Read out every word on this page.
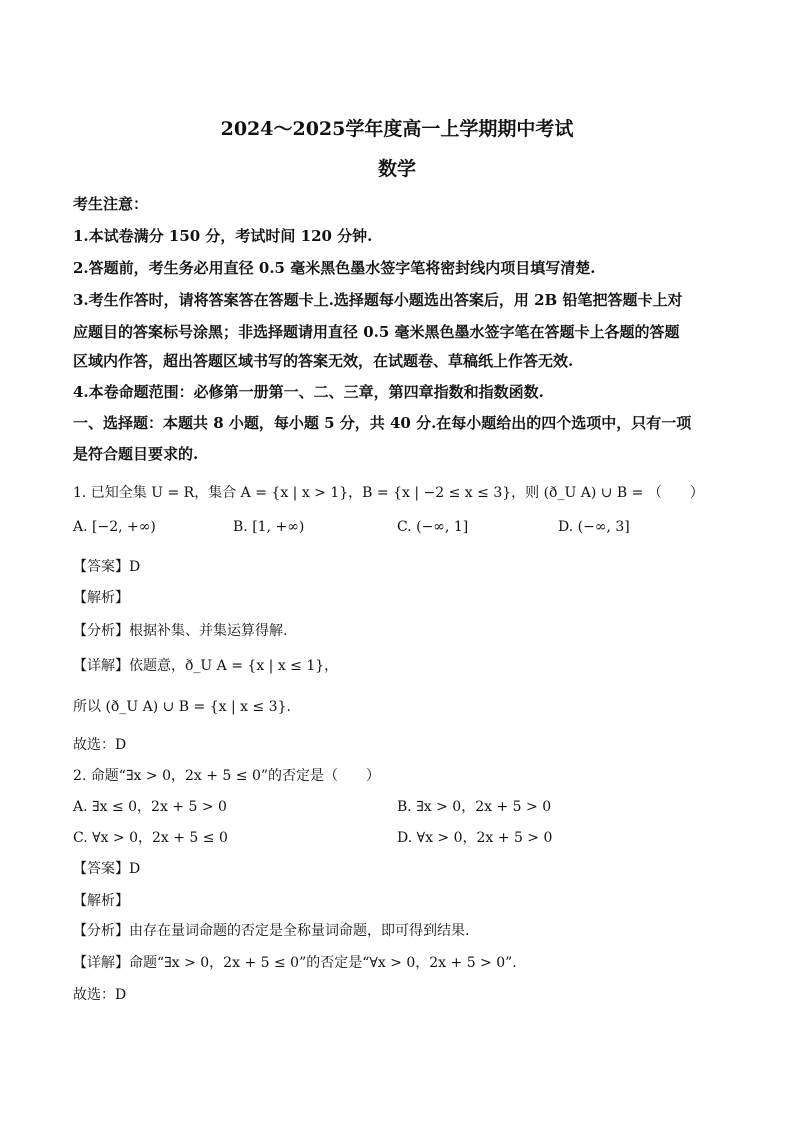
2024～2025学年度高一上学期期中考试
数学
考生注意：
1.本试卷满分 150 分，考试时间 120 分钟.
2.答题前，考生务必用直径 0.5 毫米黑色墨水签字笔将密封线内项目填写清楚.
3.考生作答时，请将答案答在答题卡上.选择题每小题选出答案后，用 2B 铅笔把答题卡上对
应题目的答案标号涂黑；非选择题请用直径 0.5 毫米黑色墨水签字笔在答题卡上各题的答题
区域内作答，超出答题区域书写的答案无效，在试题卷、草稿纸上作答无效.
4.本卷命题范围：必修第一册第一、二、三章，第四章指数和指数函数.
一、选择题：本题共 8 小题，每小题 5 分，共 40 分.在每小题给出的四个选项中，只有一项
是符合题目要求的.
1. 已知全集 U = R，集合 A = {x | x > 1}，B = {x | −2 ≤ x ≤ 3}，则 (ð_U A) ∪ B = （　　）
A. [−2, +∞)	B. [1, +∞)	C. (−∞, 1]	D. (−∞, 3]
【答案】D
【解析】
【分析】根据补集、并集运算得解.
【详解】依题意，ð_U A = {x | x ≤ 1}，
所以 (ð_U A) ∪ B = {x | x ≤ 3}.
故选：D
2. 命题“∃x > 0，2x + 5 ≤ 0”的否定是（　　）
A. ∃x ≤ 0，2x + 5 > 0	B. ∃x > 0，2x + 5 > 0
C. ∀x > 0，2x + 5 ≤ 0	D. ∀x > 0，2x + 5 > 0
【答案】D
【解析】
【分析】由存在量词命题的否定是全称量词命题，即可得到结果.
【详解】命题“∃x > 0，2x + 5 ≤ 0”的否定是“∀x > 0，2x + 5 > 0”.
故选：D
